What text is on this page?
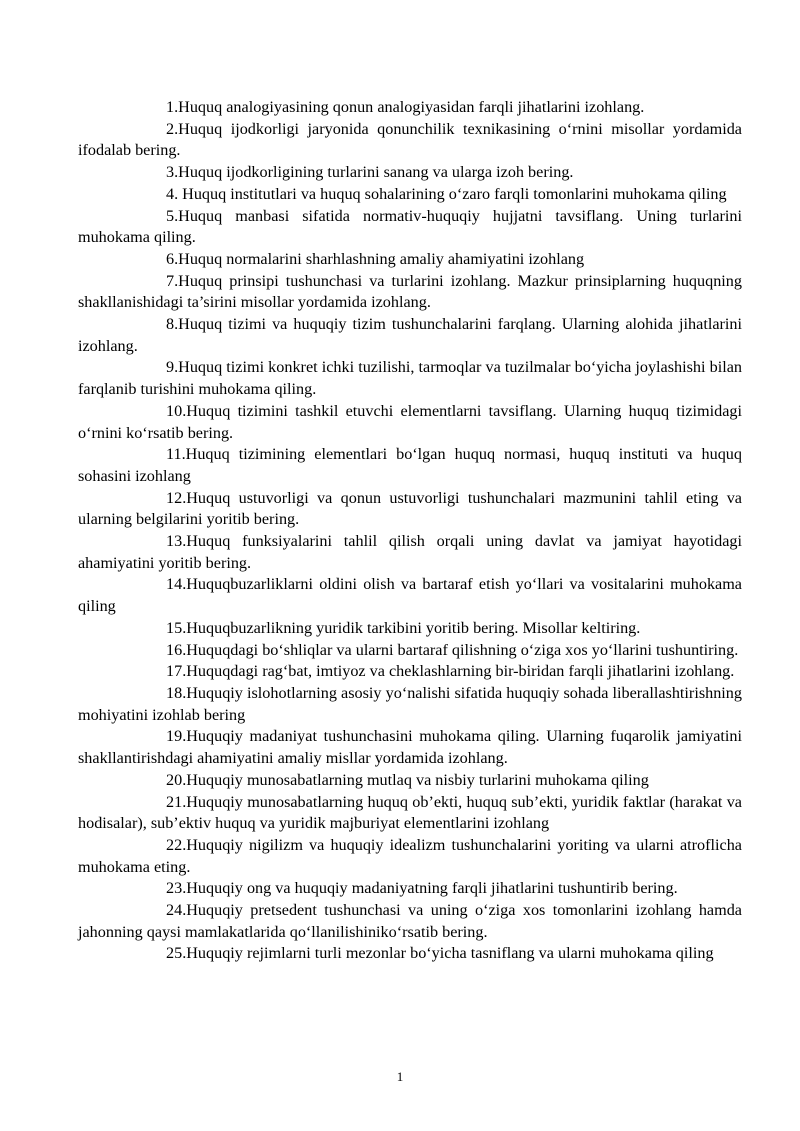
1.Huquq analogiyasining qonun analogiyasidan farqli jihatlarini izohlang.

2.Huquq ijodkorligi jaryonida qonunchilik texnikasining o‘rnini misollar yordamida ifodalab bering.

3.Huquq ijodkorligining turlarini sanang va ularga izoh bering.

4. Huquq institutlari va huquq sohalarining o‘zaro farqli tomonlarini muhokama qiling

5.Huquq manbasi sifatida normativ-huquqiy hujjatni tavsiflang. Uning turlarini muhokama qiling.

6.Huquq normalarini sharhlashning amaliy ahamiyatini izohlang

7.Huquq prinsipi tushunchasi va turlarini izohlang. Mazkur prinsiplarning huquqning shakllanishidagi ta’sirini misollar yordamida izohlang.

8.Huquq tizimi va huquqiy tizim tushunchalarini farqlang. Ularning alohida jihatlarini izohlang.

9.Huquq tizimi konkret ichki tuzilishi, tarmoqlar va tuzilmalar bo‘yicha joylashishi bilan farqlanib turishini muhokama qiling.

10.Huquq tizimini tashkil etuvchi elementlarni tavsiflang. Ularning huquq tizimidagi o‘rnini ko‘rsatib bering.

11.Huquq tizimining elementlari bo‘lgan huquq normasi, huquq instituti va huquq sohasini izohlang

12.Huquq ustuvorligi va qonun ustuvorligi tushunchalari mazmunini tahlil eting va ularning belgilarini yoritib bering.

13.Huquq funksiyalarini tahlil qilish orqali uning davlat va jamiyat hayotidagi ahamiyatini yoritib bering.

14.Huquqbuzarliklarni oldini olish va bartaraf etish yo‘llari va vositalarini muhokama qiling

15.Huquqbuzarlikning yuridik tarkibini yoritib bering. Misollar keltiring.

16.Huquqdagi bo‘shliqlar va ularni bartaraf qilishning o‘ziga xos yo‘llarini tushuntiring.

17.Huquqdagi rag‘bat, imtiyoz va cheklashlarning bir-biridan farqli jihatlarini izohlang.

18.Huquqiy islohotlarning asosiy yo‘nalishi sifatida huquqiy sohada liberallashtirishning mohiyatini izohlab bering

19.Huquqiy madaniyat tushunchasini muhokama qiling. Ularning fuqarolik jamiyatini shakllantirishdagi ahamiyatini amaliy misllar yordamida izohlang.

20.Huquqiy munosabatlarning mutlaq va nisbiy turlarini muhokama qiling

21.Huquqiy munosabatlarning huquq ob’ekti, huquq sub’ekti, yuridik faktlar (harakat va hodisalar), sub’ektiv huquq va yuridik majburiyat elementlarini izohlang

22.Huquqiy nigilizm va huquqiy idealizm tushunchalarini yoriting va ularni atroflicha muhokama eting.

23.Huquqiy ong va huquqiy madaniyatning farqli jihatlarini tushuntirib bering.

24.Huquqiy pretsedent tushunchasi va uning o‘ziga xos tomonlarini izohlang hamda jahonning qaysi mamlakatlarida qo‘llanilishiniko‘rsatib bering.

25.Huquqiy rejimlarni turli mezonlar bo‘yicha tasniflang va ularni muhokama qiling

1
